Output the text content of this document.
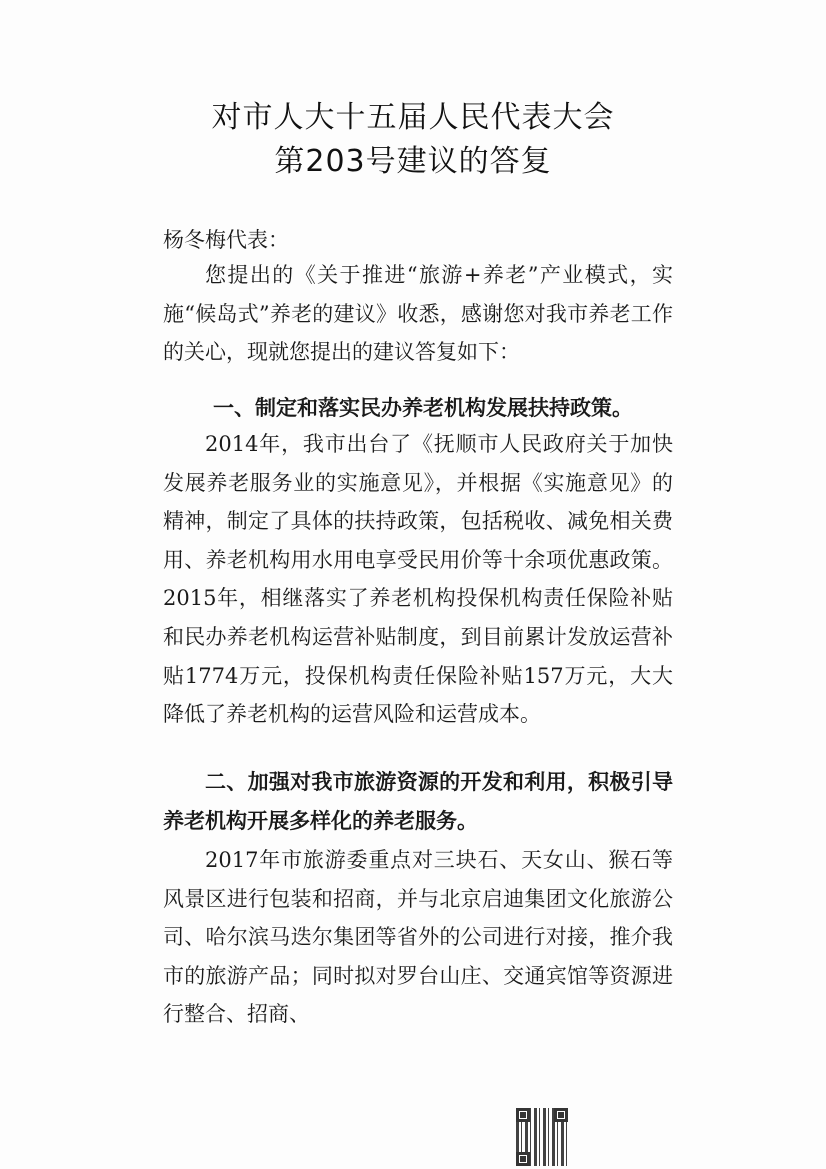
对市人大十五届人民代表大会
第203号建议的答复
杨冬梅代表：

您提出的《关于推进“旅游+养老”产业模式，实施“候岛式”养老的建议》收悉，感谢您对我市养老工作的关心，现就您提出的建议答复如下：

一、制定和落实民办养老机构发展扶持政策。

2014年，我市出台了《抚顺市人民政府关于加快发展养老服务业的实施意见》，并根据《实施意见》的精神，制定了具体的扶持政策，包括税收、减免相关费用、养老机构用水用电享受民用价等十余项优惠政策。2015年，相继落实了养老机构投保机构责任保险补贴和民办养老机构运营补贴制度，到目前累计发放运营补贴1774万元，投保机构责任保险补贴157万元，大大降低了养老机构的运营风险和运营成本。

二、加强对我市旅游资源的开发和利用，积极引导养老机构开展多样化的养老服务。

2017年市旅游委重点对三块石、天女山、猴石等风景区进行包装和招商，并与北京启迪集团文化旅游公司、哈尔滨马迭尔集团等省外的公司进行对接，推介我市的旅游产品；同时拟对罗台山庄、交通宾馆等资源进行整合、招商、
